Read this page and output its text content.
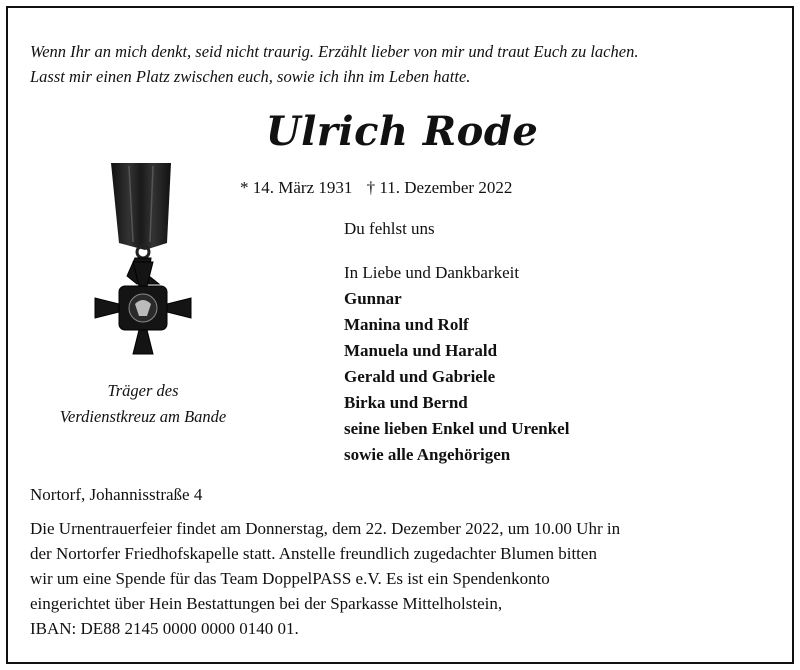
Wenn Ihr an mich denkt, seid nicht traurig. Erzählt lieber von mir und traut Euch zu lachen.
Lasst mir einen Platz zwischen euch, sowie ich ihn im Leben hatte.
Ulrich Rode
* 14. März 1931 † 11. Dezember 2022
Träger des
Verdienstkreuz am Bande
Du fehlst uns
In Liebe und Dankbarkeit
Gunnar
Manina und Rolf
Manuela und Harald
Gerald und Gabriele
Birka und Bernd
seine lieben Enkel und Urenkel
sowie alle Angehörigen
Nortorf, Johannisstraße 4
Die Urnentrauerfeier findet am Donnerstag, dem 22. Dezember 2022, um 10.00 Uhr in
der Nortorfer Friedhofskapelle statt. Anstelle freundlich zugedachter Blumen bitten
wir um eine Spende für das Team DoppelPASS e.V. Es ist ein Spendenkonto
eingerichtet über Hein Bestattungen bei der Sparkasse Mittelholstein,
IBAN: DE88 2145 0000 0000 0140 01.
